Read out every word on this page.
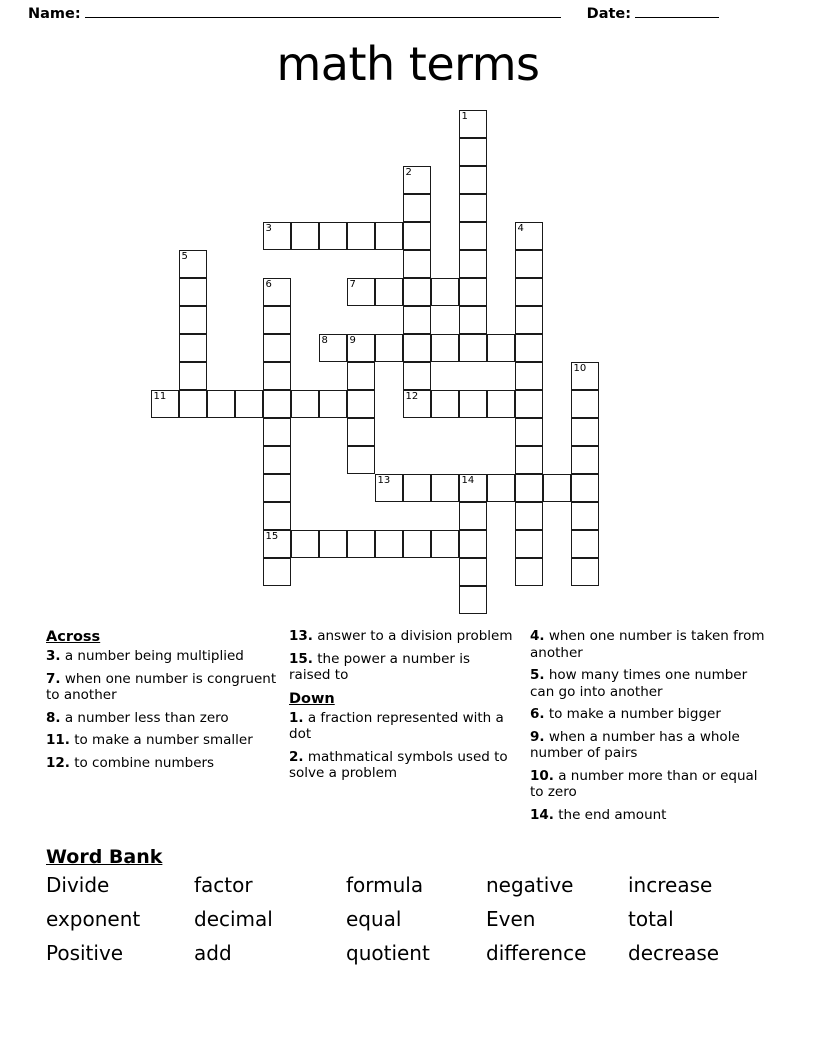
Name:	Date:
math terms
1
2
3	4
5
6	7
8 9
10
11	12
13	14
15
Across
3. a number being multiplied
7. when one number is congruent to another
8. a number less than zero
11. to make a number smaller
12. to combine numbers
13. answer to a division problem
15. the power a number is raised to
Down
1. a fraction represented with a dot
2. mathmatical symbols used to solve a problem
4. when one number is taken from another
5. how many times one number can go into another
6. to make a number bigger
9. when a number has a whole number of pairs
10. a number more than or equal to zero
14. the end amount
Word Bank
Divide	factor	formula	negative	increase
exponent	decimal	equal	Even	total
Positive	add	quotient	difference	decrease
